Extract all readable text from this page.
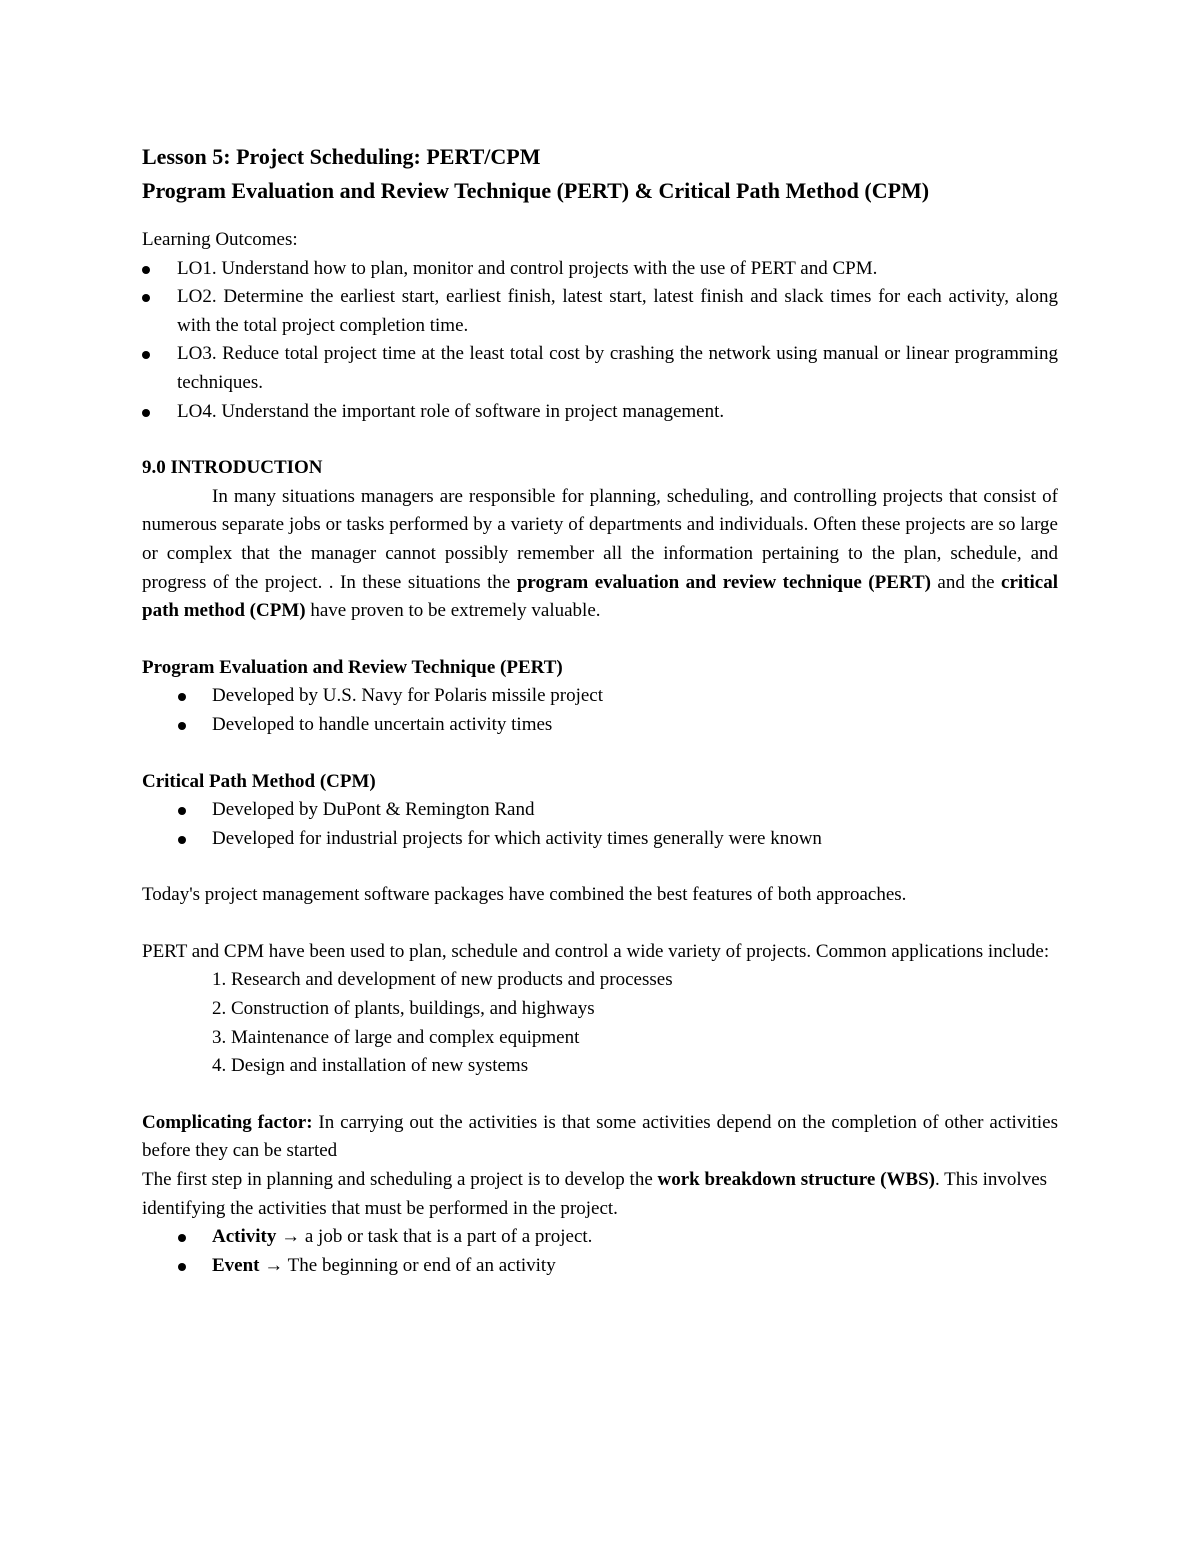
Lesson 5: Project Scheduling: PERT/CPM

Program Evaluation and Review Technique (PERT) & Critical Path Method (CPM)

Learning Outcomes:

LO1. Understand how to plan, monitor and control projects with the use of PERT and CPM.
LO2. Determine the earliest start, earliest finish, latest start, latest finish and slack times for each activity, along with the total project completion time.
LO3. Reduce total project time at the least total cost by crashing the network using manual or linear programming techniques.
LO4. Understand the important role of software in project management.

9.0 INTRODUCTION

In many situations managers are responsible for planning, scheduling, and controlling projects that consist of numerous separate jobs or tasks performed by a variety of departments and individuals. Often these projects are so large or complex that the manager cannot possibly remember all the information pertaining to the plan, schedule, and progress of the project. . In these situations the program evaluation and review technique (PERT) and the critical path method (CPM) have proven to be extremely valuable.

Program Evaluation and Review Technique (PERT)

Developed by U.S. Navy for Polaris missile project
Developed to handle uncertain activity times

Critical Path Method (CPM)

Developed by DuPont & Remington Rand
Developed for industrial projects for which activity times generally were known

Today's project management software packages have combined the best features of both approaches.

PERT and CPM have been used to plan, schedule and control a wide variety of projects. Common applications include:

1. Research and development of new products and processes
2. Construction of plants, buildings, and highways
3. Maintenance of large and complex equipment
4. Design and installation of new systems

Complicating factor: In carrying out the activities is that some activities depend on the completion of other activities before they can be started

The first step in planning and scheduling a project is to develop the work breakdown structure (WBS). This involves identifying the activities that must be performed in the project.

Activity → a job or task that is a part of a project.
Event → The beginning or end of an activity
